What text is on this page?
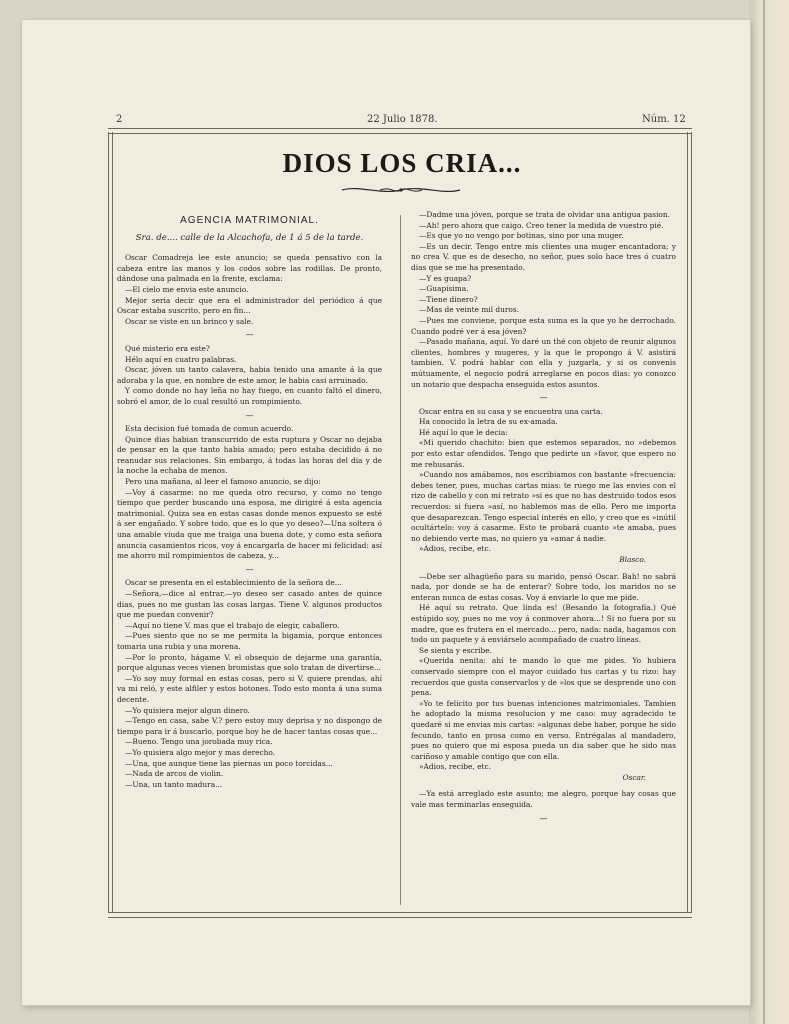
2	22 Julio 1878.	Núm. 12
DIOS LOS CRIA...
AGENCIA MATRIMONIAL.
Sra. de.... calle de la Alcachofa, de 1 á 5 de la tarde.

Oscar Comadreja lee este anuncio; se queda pensativo con la cabeza entre las manos y los codos sobre las rodillas. De pronto, dándose una palmada en la frente, exclama:

—El cielo me envia este anuncio.

Mejor seria decir que era el administrador del periódico á que Oscar estaba suscrito, pero en fin...

Oscar se viste en un brinco y sale.

—

Qué misterio era este?

Hélo aquí en cuatro palabras.

Oscar, jóven un tanto calavera, habia tenido una amante á la que adoraba y la que, en nombre de este amor, le habia casi arruinado.

Y como donde no hay leña no hay fuego, en cuanto faltó el dinero, sobró el amor, de lo cual resultó un rompimiento.

—

Esta decision fué tomada de comun acuerdo.

Quince dias habian transcurrido de esta ruptura y Oscar no dejaba de pensar en la que tanto habia amado; pero estaba decidido á no reanudar sus relaciones. Sin embargo, á todas las horas del dia y de la noche la echaba de menos.

Pero una mañana, al leer el famoso anuncio, se dijo:

—Voy á casarme: no me queda otro recurso, y como no tengo tiempo que perder buscando una esposa, me dirigiré á esta agencia matrimonial. Quiza sea en estas casas donde menos expuesto se esté á ser engañado. Y sobre todo, que es lo que yo deseo?—Una soltera ó una amable viuda que me traiga una buena dote, y como esta señora anuncia casamientos ricos, voy á encargarla de hacer mi felicidad: así me ahorro mil rompimientos de cabeza, y...

—

Oscar se presenta en el establecimiento de la señora de...

—Señora,—dice al entrar,—yo deseo ser casado antes de quince dias, pues no me gustan las cosas largas. Tiene V. algunos productos que me puedan convenir?

—Aquí no tiene V. mas que el trabajo de elegir, caballero.

—Pues siento que no se me permita la bigamia, porque entonces tomaria una rubia y una morena.

—Por lo pronto, hágame V. el obsequio de dejarme una garantía, porque algunas veces vienen bromistas que solo tratan de divertirse...

—Yo soy muy formal en estas cosas, pero si V. quiere prendas, ahí va mi reló, y este alfiler y estos botones. Todo esto monta á una suma decente.

—Yo quisiera mejor algun dinero.

—Tengo en casa, sabe V.? pero estoy muy deprisa y no dispongo de tiempo para ir á buscarlo, porque hoy he de hacer tantas cosas que...

—Bueno. Tengo una jorobada muy rica.

—Yo quisiera algo mejor y mas derecho.

—Una, que aunque tiene las piernas un poco torcidas...

—Nada de arcos de violin.

—Una, un tanto madura...

—Dadme una jóven, porque se trata de olvidar una antigua pasion.

—Ah! pero ahora que caigo. Creo tener la medida de vuestro pié.

—Es que yo no vengo por botinas, sino por una muger.

—Es un decir. Tengo entre mis clientes una muger encantadora; y no crea V. que es de desecho, no señor, pues solo hace tres ó cuatro dias que se me ha presentado.

—Y es guapa?

—Guapísima.

—Tiene dinero?

—Mas de veinte mil duros.

—Pues me conviene, porque esta suma es la que yo he derrochado. Cuando podré ver á esa jóven?

—Pasado mañana, aquí. Yo daré un thé con objeto de reunir algunos clientes, hombres y mugeres, y la que le propongo á V. asistirá tambien. V. podrá hablar con ella y juzgarla, y si os convenis mútuamente, el negocio podrá arreglarse en pocos dias: yo conozco un notario que despacha enseguida estos asuntos.

—

Oscar entra en su casa y se encuentra una carta.

Ha conocido la letra de su ex-amada.

Hé aquí lo que le decia:

«Mi querido chachito: bien que estemos separados, no »debemos por esto estar ofendidos. Tengo que pedirte un »favor, que espero no me rehusarás.

»Cuando nos amábamos, nos escribiamos con bastante »frecuencia: debes tener, pues, muchas cartas mias: te ruego me las envies con el rizo de cabello y con mi retrato »si es que no has destruido todos esos recuerdos: si fuera »así, no hablemos mas de ello. Pero me importa que desaparezcan. Tengo especial interés en ello, y creo que es »inútil ocultártelo: voy á casarme. Esto te probará cuanto »te amaba, pues no debiendo verte mas, no quiero ya »amar á nadie.

»Adios, recibe, etc.

Blasco.

—Debe ser alhagüeño para su marido, pensó Oscar. Bah! no sabrá nada, por donde se ha de enterar? Sobre todo, los maridos no se enteran nunca de estas cosas. Voy á enviarle lo que me pide.

Hé aquí su retrato. Que linda es! (Besando la fotografía.) Qué estúpido soy, pues no me voy á conmover ahora...! Si no fuera por su madre, que es frutera en el mercado... pero, nada: nada, hagamos con todo un paquete y á enviárselo acompañado de cuatro líneas.

Se sienta y escribe.

«Querida nenita: ahí te mando lo que me pides. Yo hubiera conservado siempre con el mayor cuidado tus cartas y tu rizo: hay recuerdos que gusta conservarlos y de »los que se desprende uno con pena.

»Yo te felicito por tus buenas intenciones matrimoniales. Tambien he adoptado la misma resolucion y me caso: muy agradecido te quedaré si me envias mis cartas: »algunas debe haber, porque he sido fecundo, tanto en prosa como en verso. Entrégalas al mandadero, pues no quiero que mi esposa pueda un dia saber que he sido mas cariñoso y amable contigo que con ella.

»Adios, recibe, etc.

Oscar.

—Ya está arreglado este asunto; me alegro, porque hay cosas que vale mas terminarlas enseguida.

—
